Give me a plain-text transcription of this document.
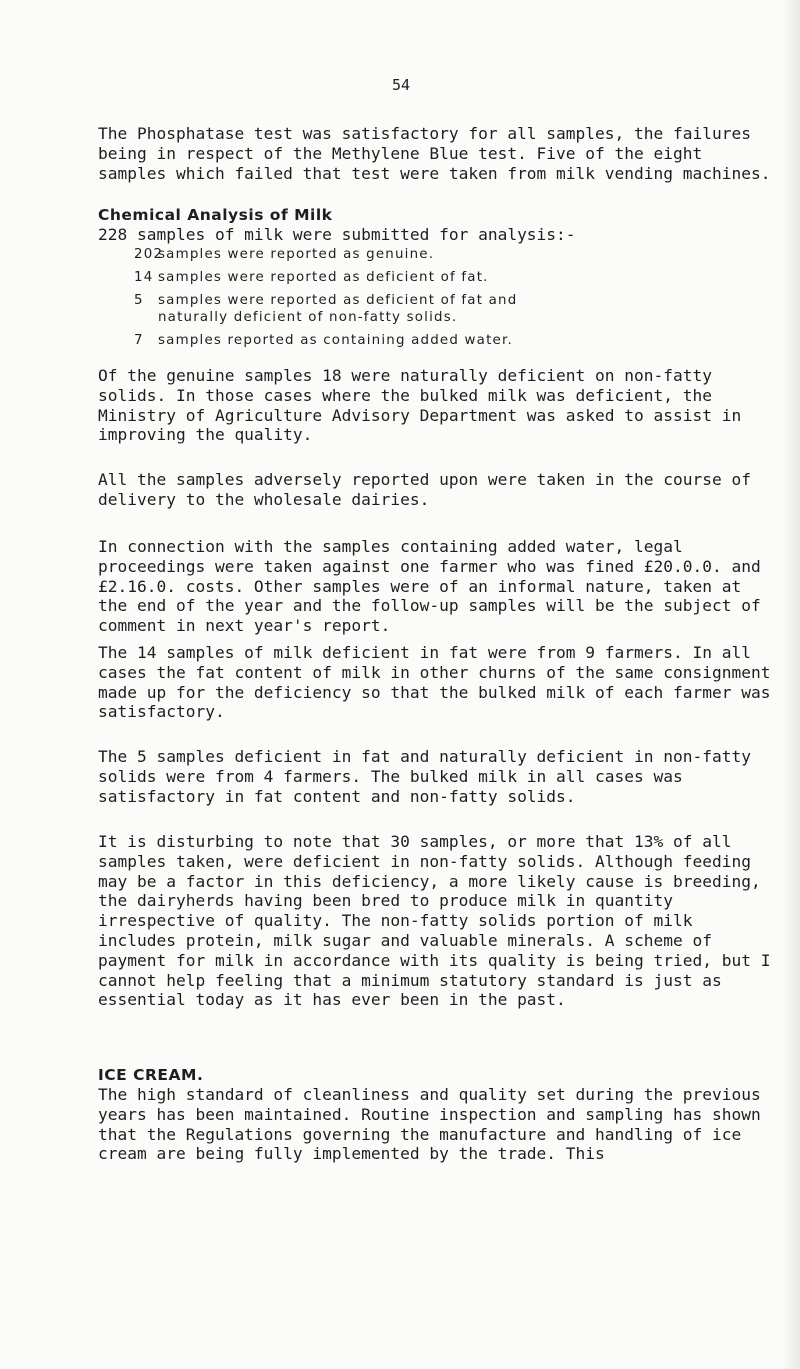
54

The Phosphatase test was satisfactory for all samples, the failures being in respect of the Methylene Blue test. Five of the eight samples which failed that test were taken from milk vending machines.

Chemical Analysis of Milk

228 samples of milk were submitted for analysis:-

202samples were reported as genuine.
14 samples were reported as deficient of fat.
5 samples were reported as deficient of fat and
naturally deficient of non-fatty solids.
7 samples reported as containing added water.

Of the genuine samples 18 were naturally deficient on non-fatty solids. In those cases where the bulked milk was deficient, the Ministry of Agriculture Advisory Department was asked to assist in improving the quality.

All the samples adversely reported upon were taken in the course of delivery to the wholesale dairies.

In connection with the samples containing added water, legal proceedings were taken against one farmer who was fined £20.0.0. and £2.16.0. costs. Other samples were of an informal nature, taken at the end of the year and the follow-up samples will be the subject of comment in next year's report.

The 14 samples of milk deficient in fat were from 9 farmers. In all cases the fat content of milk in other churns of the same consignment made up for the deficiency so that the bulked milk of each farmer was satisfactory.

The 5 samples deficient in fat and naturally deficient in non-fatty solids were from 4 farmers. The bulked milk in all cases was satisfactory in fat content and non-fatty solids.

It is disturbing to note that 30 samples, or more that 13% of all samples taken, were deficient in non-fatty solids. Although feeding may be a factor in this deficiency, a more likely cause is breeding, the dairyherds having been bred to produce milk in quantity irrespective of quality. The non-fatty solids portion of milk includes protein, milk sugar and valuable minerals. A scheme of payment for milk in accordance with its quality is being tried, but I cannot help feeling that a minimum statutory standard is just as essential today as it has ever been in the past.

ICE CREAM.

The high standard of cleanliness and quality set during the previous years has been maintained. Routine inspection and sampling has shown that the Regulations governing the manufacture and handling of ice cream are being fully implemented by the trade. This
